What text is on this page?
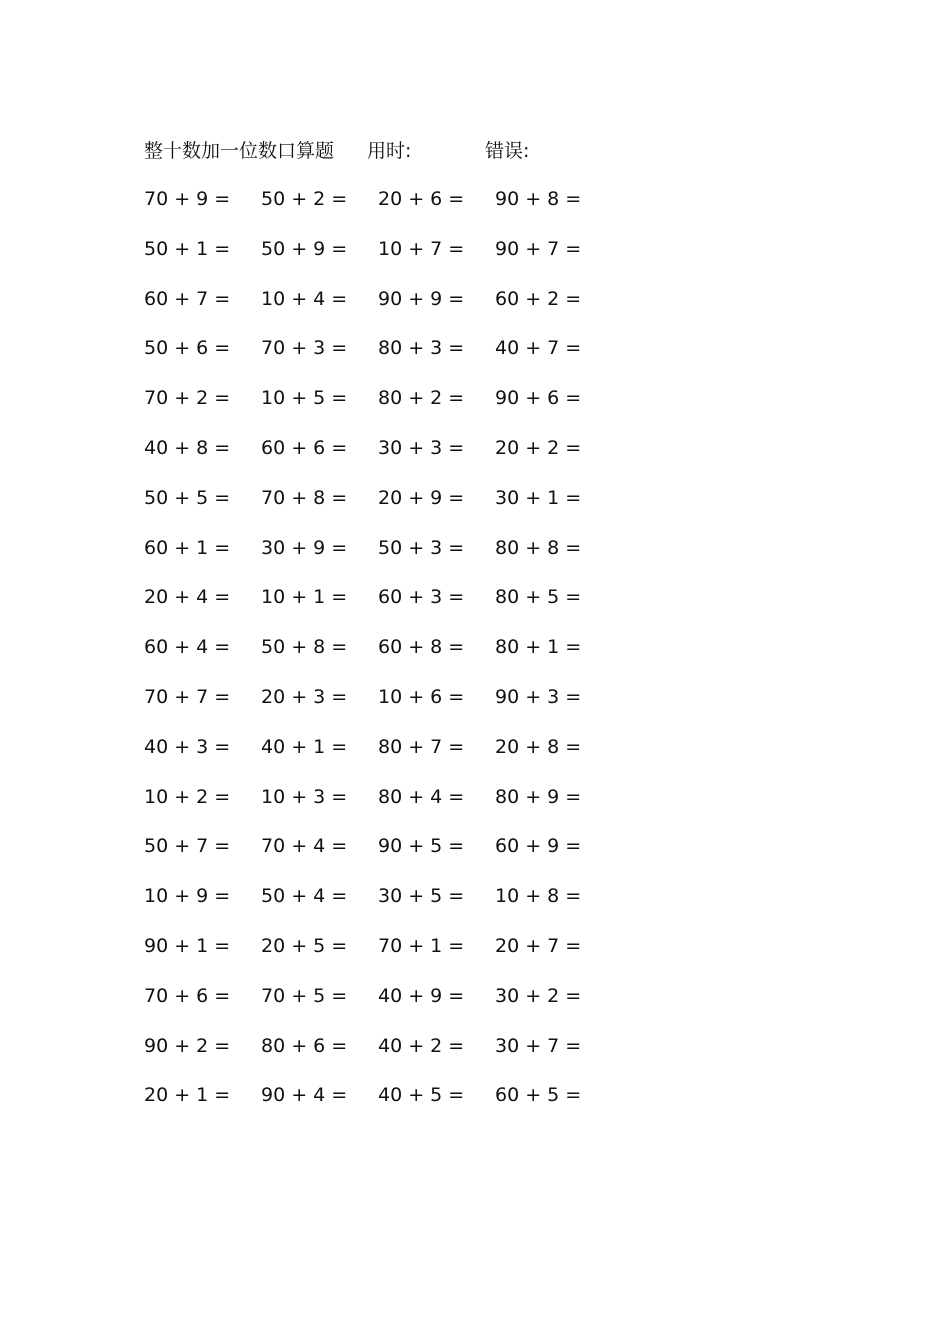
整十数加一位数口算题 用时:	错误:
70 + 9 = 50 + 2 = 20 + 6 = 90 + 8 =
50 + 1 = 50 + 9 = 10 + 7 = 90 + 7 =
60 + 7 = 10 + 4 = 90 + 9 = 60 + 2 =
50 + 6 = 70 + 3 = 80 + 3 = 40 + 7 =
70 + 2 = 10 + 5 = 80 + 2 = 90 + 6 =
40 + 8 = 60 + 6 = 30 + 3 = 20 + 2 =
50 + 5 = 70 + 8 = 20 + 9 = 30 + 1 =
60 + 1 = 30 + 9 = 50 + 3 = 80 + 8 =
20 + 4 = 10 + 1 = 60 + 3 = 80 + 5 =
60 + 4 = 50 + 8 = 60 + 8 = 80 + 1 =
70 + 7 = 20 + 3 = 10 + 6 = 90 + 3 =
40 + 3 = 40 + 1 = 80 + 7 = 20 + 8 =
10 + 2 = 10 + 3 = 80 + 4 = 80 + 9 =
50 + 7 = 70 + 4 = 90 + 5 = 60 + 9 =
10 + 9 = 50 + 4 = 30 + 5 = 10 + 8 =
90 + 1 = 20 + 5 = 70 + 1 = 20 + 7 =
70 + 6 = 70 + 5 = 40 + 9 = 30 + 2 =
90 + 2 = 80 + 6 = 40 + 2 = 30 + 7 =
20 + 1 = 90 + 4 = 40 + 5 = 60 + 5 =
